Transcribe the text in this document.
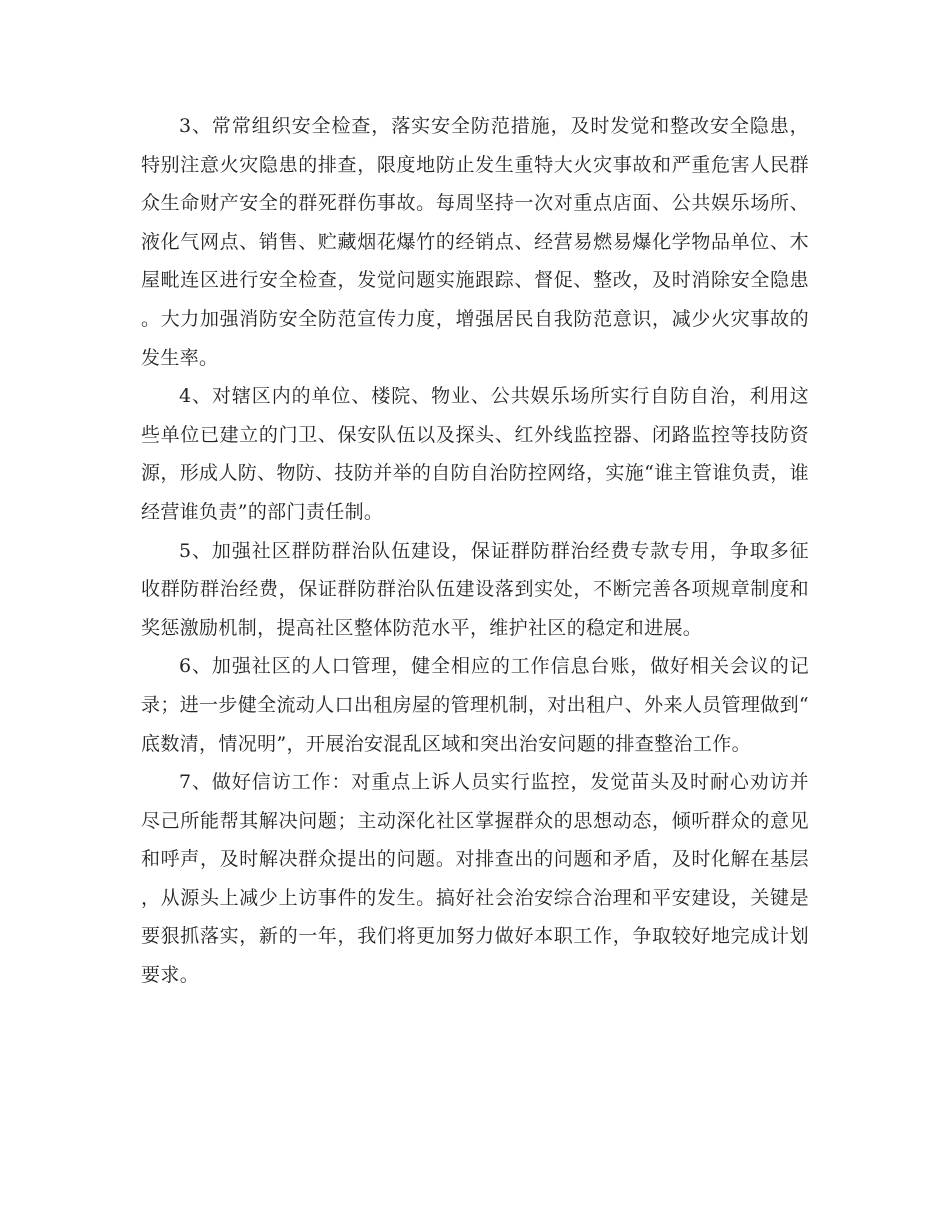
3、常常组织安全检查，落实安全防范措施，及时发觉和整改安全隐患，特别注意火灾隐患的排查，限度地防止发生重特大火灾事故和严重危害人民群众生命财产安全的群死群伤事故。每周坚持一次对重点店面、公共娱乐场所、液化气网点、销售、贮藏烟花爆竹的经销点、经营易燃易爆化学物品单位、木屋毗连区进行安全检查，发觉问题实施跟踪、督促、整改，及时消除安全隐患。大力加强消防安全防范宣传力度，增强居民自我防范意识，减少火灾事故的发生率。

4、对辖区内的单位、楼院、物业、公共娱乐场所实行自防自治，利用这些单位已建立的门卫、保安队伍以及探头、红外线监控器、闭路监控等技防资源，形成人防、物防、技防并举的自防自治防控网络，实施“谁主管谁负责，谁经营谁负责”的部门责任制。

5、加强社区群防群治队伍建设，保证群防群治经费专款专用，争取多征收群防群治经费，保证群防群治队伍建设落到实处，不断完善各项规章制度和奖惩激励机制，提高社区整体防范水平，维护社区的稳定和进展。

6、加强社区的人口管理，健全相应的工作信息台账，做好相关会议的记录；进一步健全流动人口出租房屋的管理机制，对出租户、外来人员管理做到“底数清，情况明”，开展治安混乱区域和突出治安问题的排查整治工作。

7、做好信访工作：对重点上诉人员实行监控，发觉苗头及时耐心劝访并尽己所能帮其解决问题；主动深化社区掌握群众的思想动态，倾听群众的意见和呼声，及时解决群众提出的问题。对排查出的问题和矛盾，及时化解在基层，从源头上减少上访事件的发生。搞好社会治安综合治理和平安建设，关键是要狠抓落实，新的一年，我们将更加努力做好本职工作，争取较好地完成计划要求。
